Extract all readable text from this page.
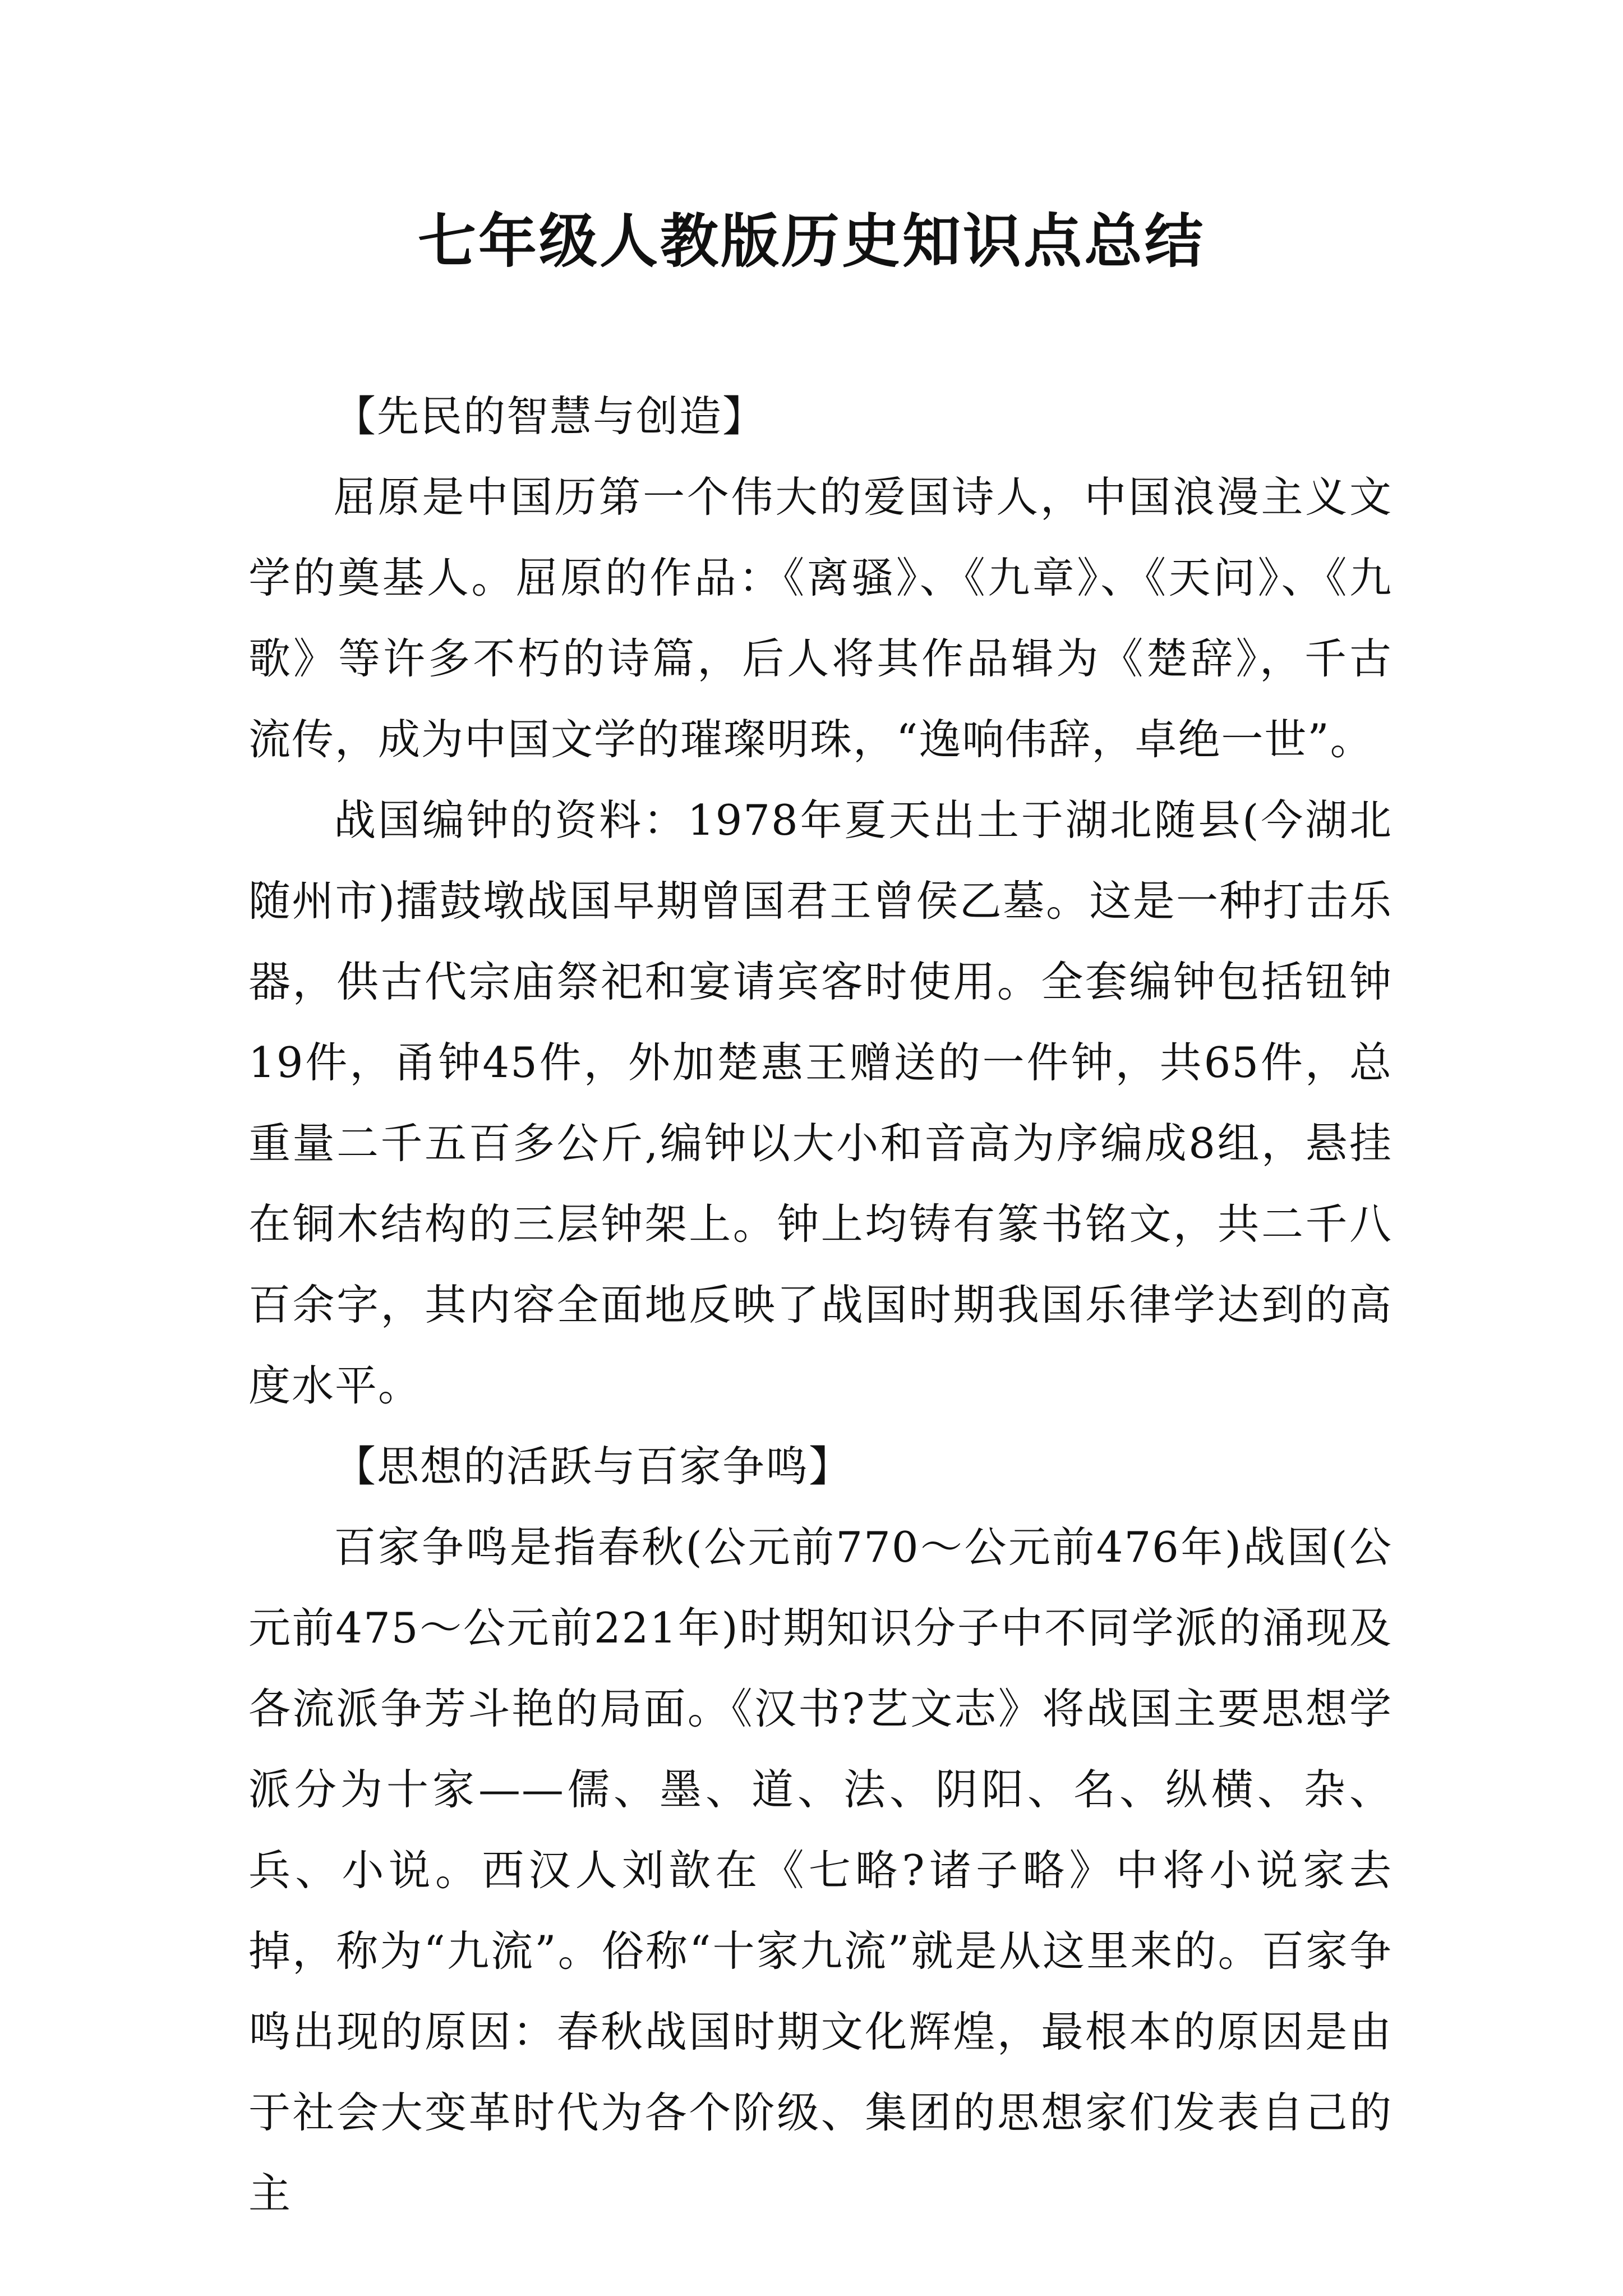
七年级人教版历史知识点总结

【先民的智慧与创造】

屈原是中国历第一个伟大的爱国诗人，中国浪漫主义文学的奠基人。屈原的作品：《离骚》、《九章》、《天问》、《九歌》等许多不朽的诗篇，后人将其作品辑为《楚辞》，千古流传，成为中国文学的璀璨明珠，“逸响伟辞，卓绝一世”。

战国编钟的资料：1978年夏天出土于湖北随县(今湖北随州市)擂鼓墩战国早期曾国君王曾侯乙墓。这是一种打击乐器，供古代宗庙祭祀和宴请宾客时使用。全套编钟包括钮钟19件，甬钟45件，外加楚惠王赠送的一件钟，共65件，总重量二千五百多公斤,编钟以大小和音高为序编成8组，悬挂在铜木结构的三层钟架上。钟上均铸有篆书铭文，共二千八百余字，其内容全面地反映了战国时期我国乐律学达到的高度水平。

【思想的活跃与百家争鸣】

百家争鸣是指春秋(公元前770～公元前476年)战国(公元前475～公元前221年)时期知识分子中不同学派的涌现及各流派争芳斗艳的局面。《汉书?艺文志》将战国主要思想学派分为十家——儒、墨、道、法、阴阳、名、纵横、杂、兵、小说。西汉人刘歆在《七略?诸子略》中将小说家去掉，称为“九流”。俗称“十家九流”就是从这里来的。百家争鸣出现的原因：春秋战国时期文化辉煌，最根本的原因是由于社会大变革时代为各个阶级、集团的思想家们发表自己的主
